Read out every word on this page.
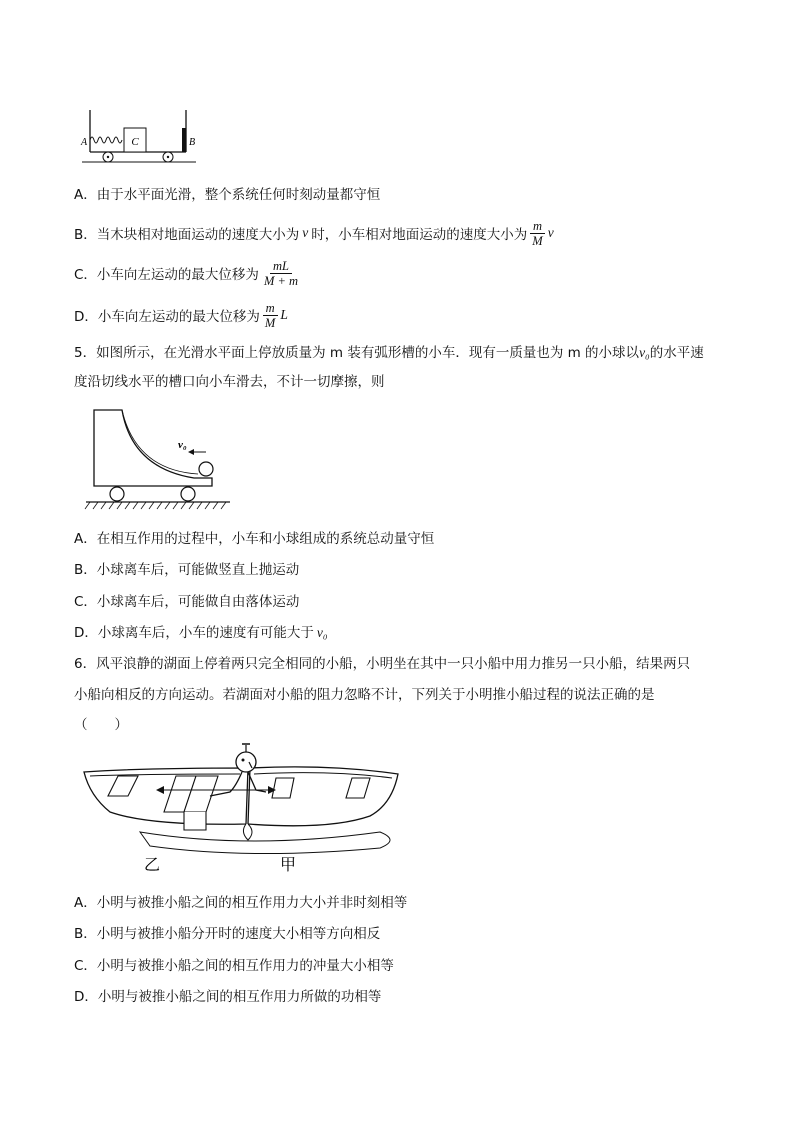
C
A	B
A．由于水平面光滑，整个系统任何时刻动量都守恒
B．当木块相对地面运动的速度大小为 v 时，小车相对地面运动的速度大小为 $\frac{m}{M}$ v
C．小车向左运动的最大位移为 $\frac{mL}{M + m}$
D．小车向左运动的最大位移为 $\frac{m}{M}$ L
5．如图所示，在光滑水平面上停放质量为 m 装有弧形槽的小车．现有一质量也为 m 的小球以v₀的水平速
度沿切线水平的槽口向小车滑去，不计一切摩擦，则
v₀
A．在相互作用的过程中，小车和小球组成的系统总动量守恒
B．小球离车后，可能做竖直上抛运动
C．小球离车后，可能做自由落体运动
D．小球离车后，小车的速度有可能大于 v₀
6．风平浪静的湖面上停着两只完全相同的小船，小明坐在其中一只小船中用力推另一只小船，结果两只
小船向相反的方向运动。若湖面对小船的阻力忽略不计，下列关于小明推小船过程的说法正确的是
（　　）
乙	甲
A．小明与被推小船之间的相互作用力大小并非时刻相等
B．小明与被推小船分开时的速度大小相等方向相反
C．小明与被推小船之间的相互作用力的冲量大小相等
D．小明与被推小船之间的相互作用力所做的功相等
